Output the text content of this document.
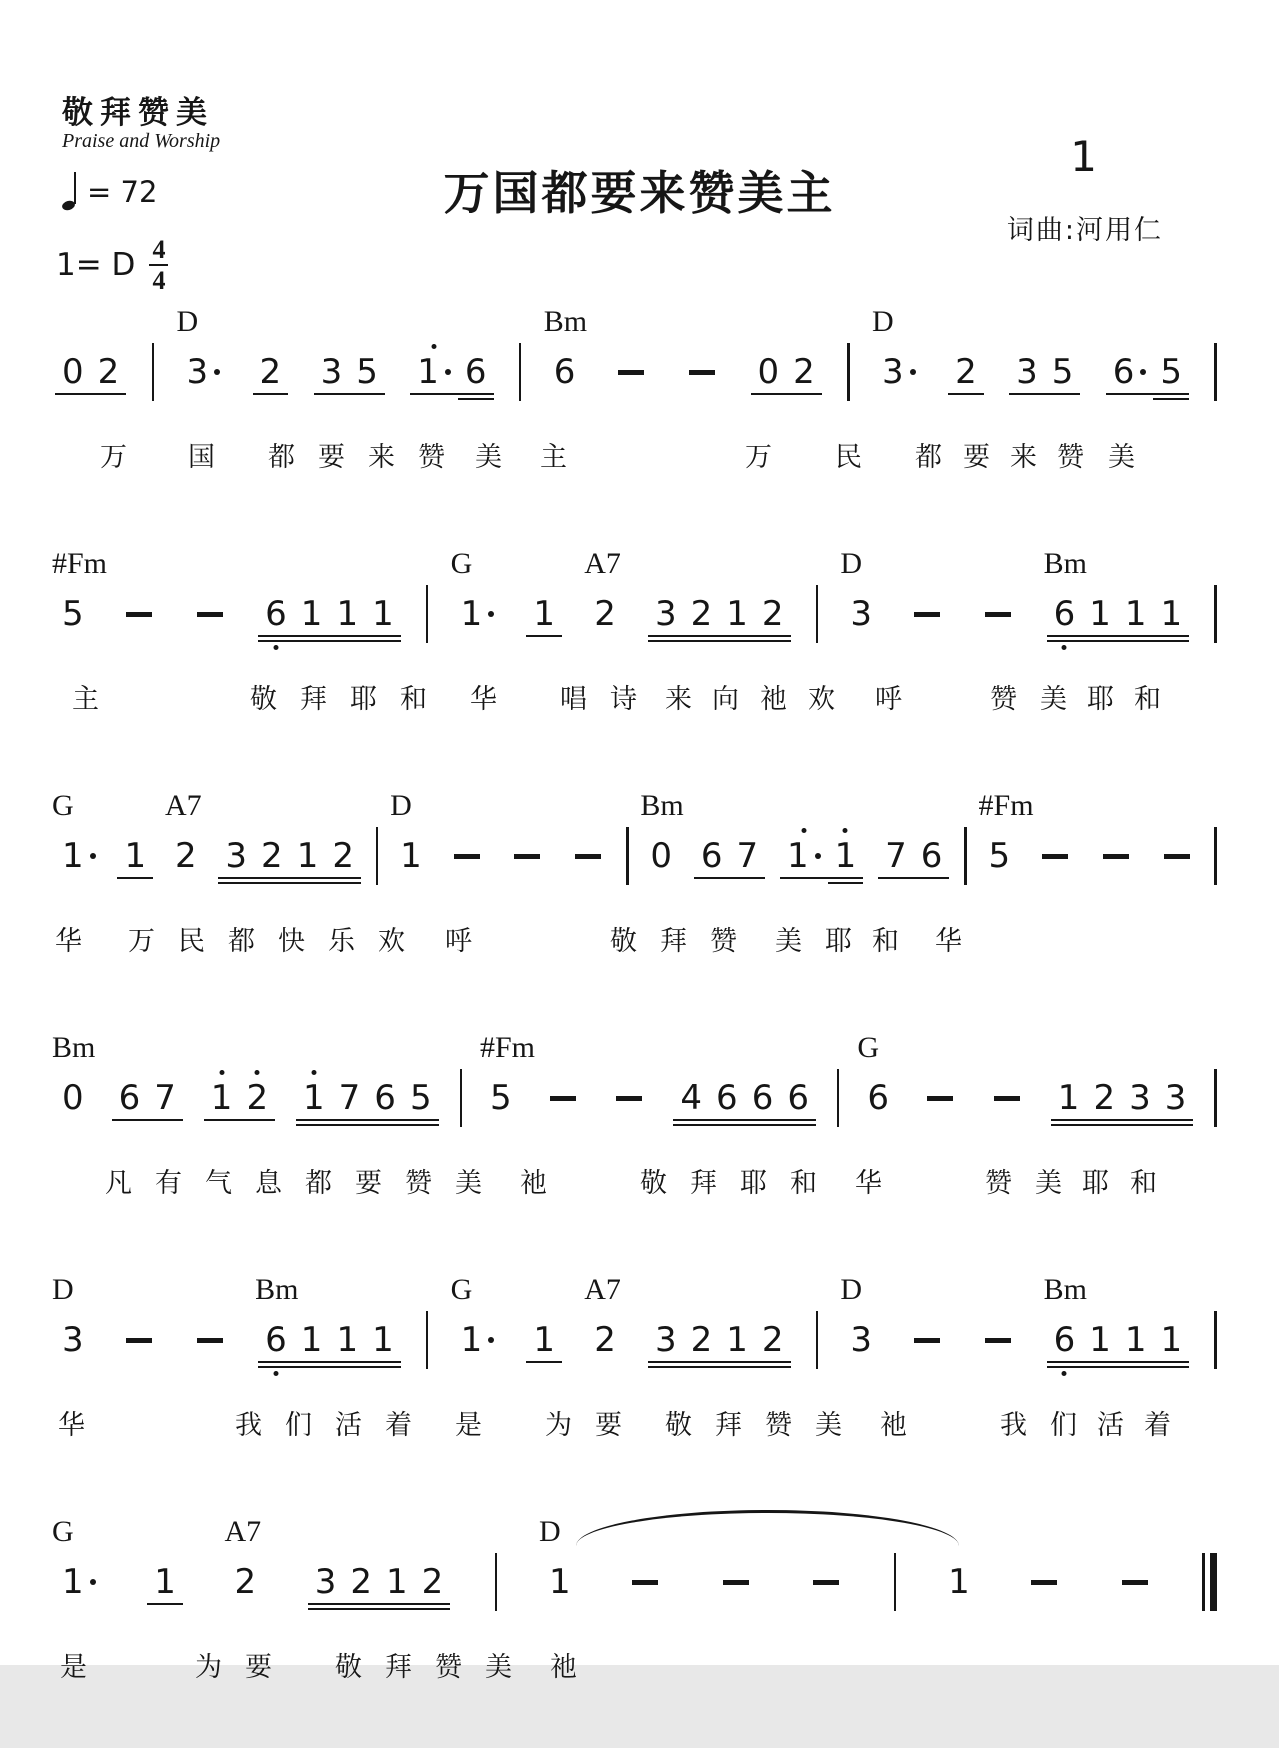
敬拜赞美
Praise and Worship
= 72
1= D $\frac{4}{4}$
万国都要来赞美主
1
词曲:河用仁
0 2
D
3 2 3 5 1 6
Bm
6	0 2
D
3 2 3 5 6 5
万 国 都 要 来 赞 美 主	万 民 都 要 来 赞 美
#Fm
5	6 1 1 1
G
1 1
A7
2 3 2 1 2
D
3
Bm
6 1 1 1
主	敬 拜 耶 和 华 唱 诗 来 向 祂 欢 呼	赞 美 耶 和
G
1 1
A7
2 3 2 1 2
D
1
Bm
0 6 7 1 1 7 6
#Fm
5
华 万 民 都 快 乐 欢 呼	敬 拜 赞 美 耶 和 华
Bm
0 6 7 1 2 1 7 6 5
#Fm
5	4 6 6 6
G
6	1 2 3 3
凡 有 气 息 都 要 赞 美 祂	敬 拜 耶 和 华	赞 美 耶 和
D
3
Bm
6 1 1 1
G
1 1
A7
2 3 2 1 2
D
3
Bm
6 1 1 1
华	我 们 活 着 是 为 要 敬 拜 赞 美 祂	我 们 活 着
G
1 1
A7
2 3 2 1 2
D
1	1
是	为 要 敬 拜 赞 美 祂
